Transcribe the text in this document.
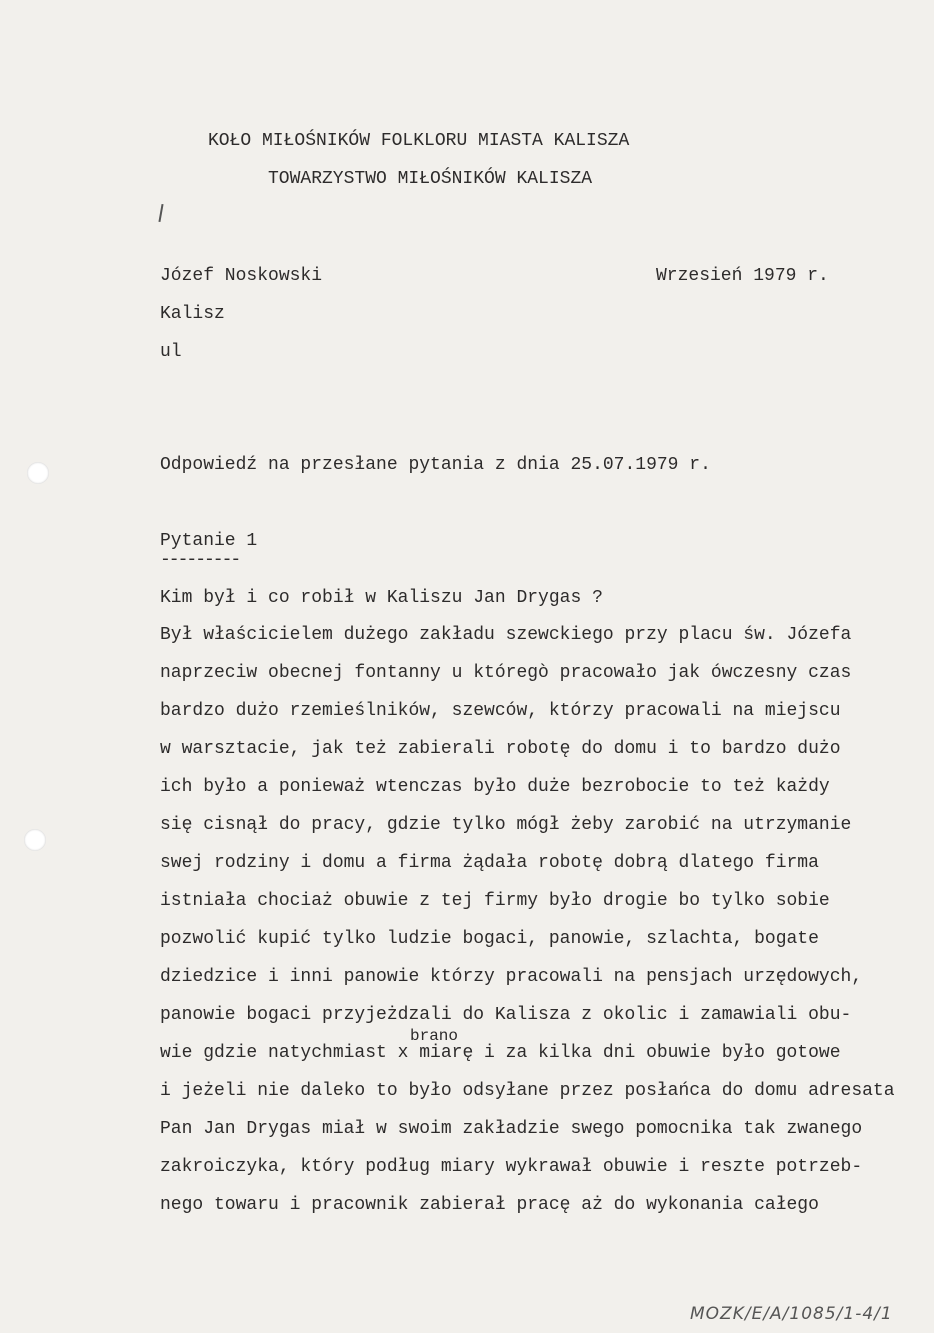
KOŁO MIŁOŚNIKÓW FOLKLORU MIASTA KALISZA
TOWARZYSTWO MIŁOŚNIKÓW KALISZA
Józef Noskowski	Wrzesień 1979 r.
Kalisz
ul
Odpowiedź na przesłane pytania z dnia 25.07.1979 r.
Pytanie 1
---------
Kim był i co robił w Kaliszu Jan Drygas ?
Był właścicielem dużego zakładu szewckiego przy placu św. Józefa
naprzeciw obecnej fontanny u któregò pracowało jak ówczesny czas
bardzo dużo rzemieślników, szewców, którzy pracowali na miejscu
w warsztacie, jak też zabierali robotę do domu i to bardzo dużo
ich było a ponieważ wtenczas było duże bezrobocie to też każdy
się cisnął do pracy, gdzie tylko mógł żeby zarobić na utrzymanie
swej rodziny i domu a firma żądała robotę dobrą dlatego firma
istniała chociaż obuwie z tej firmy było drogie bo tylko sobie
pozwolić kupić tylko ludzie bogaci, panowie, szlachta, bogate
dziedzice i inni panowie którzy pracowali na pensjach urzędowych,
panowie bogaci przyjeżdzali do Kalisza z okolic i zamawiali obu-
brano
wie gdzie natychmiast x miarę i za kilka dni obuwie było gotowe
i jeżeli nie daleko to było odsyłane przez posłańca do domu adresata
Pan Jan Drygas miał w swoim zakładzie swego pomocnika tak zwanego
zakroiczyka, który podług miary wykrawał obuwie i reszte potrzeb-
nego towaru i pracownik zabierał pracę aż do wykonania całego
MOZK/E/A/1085/1-4/1
